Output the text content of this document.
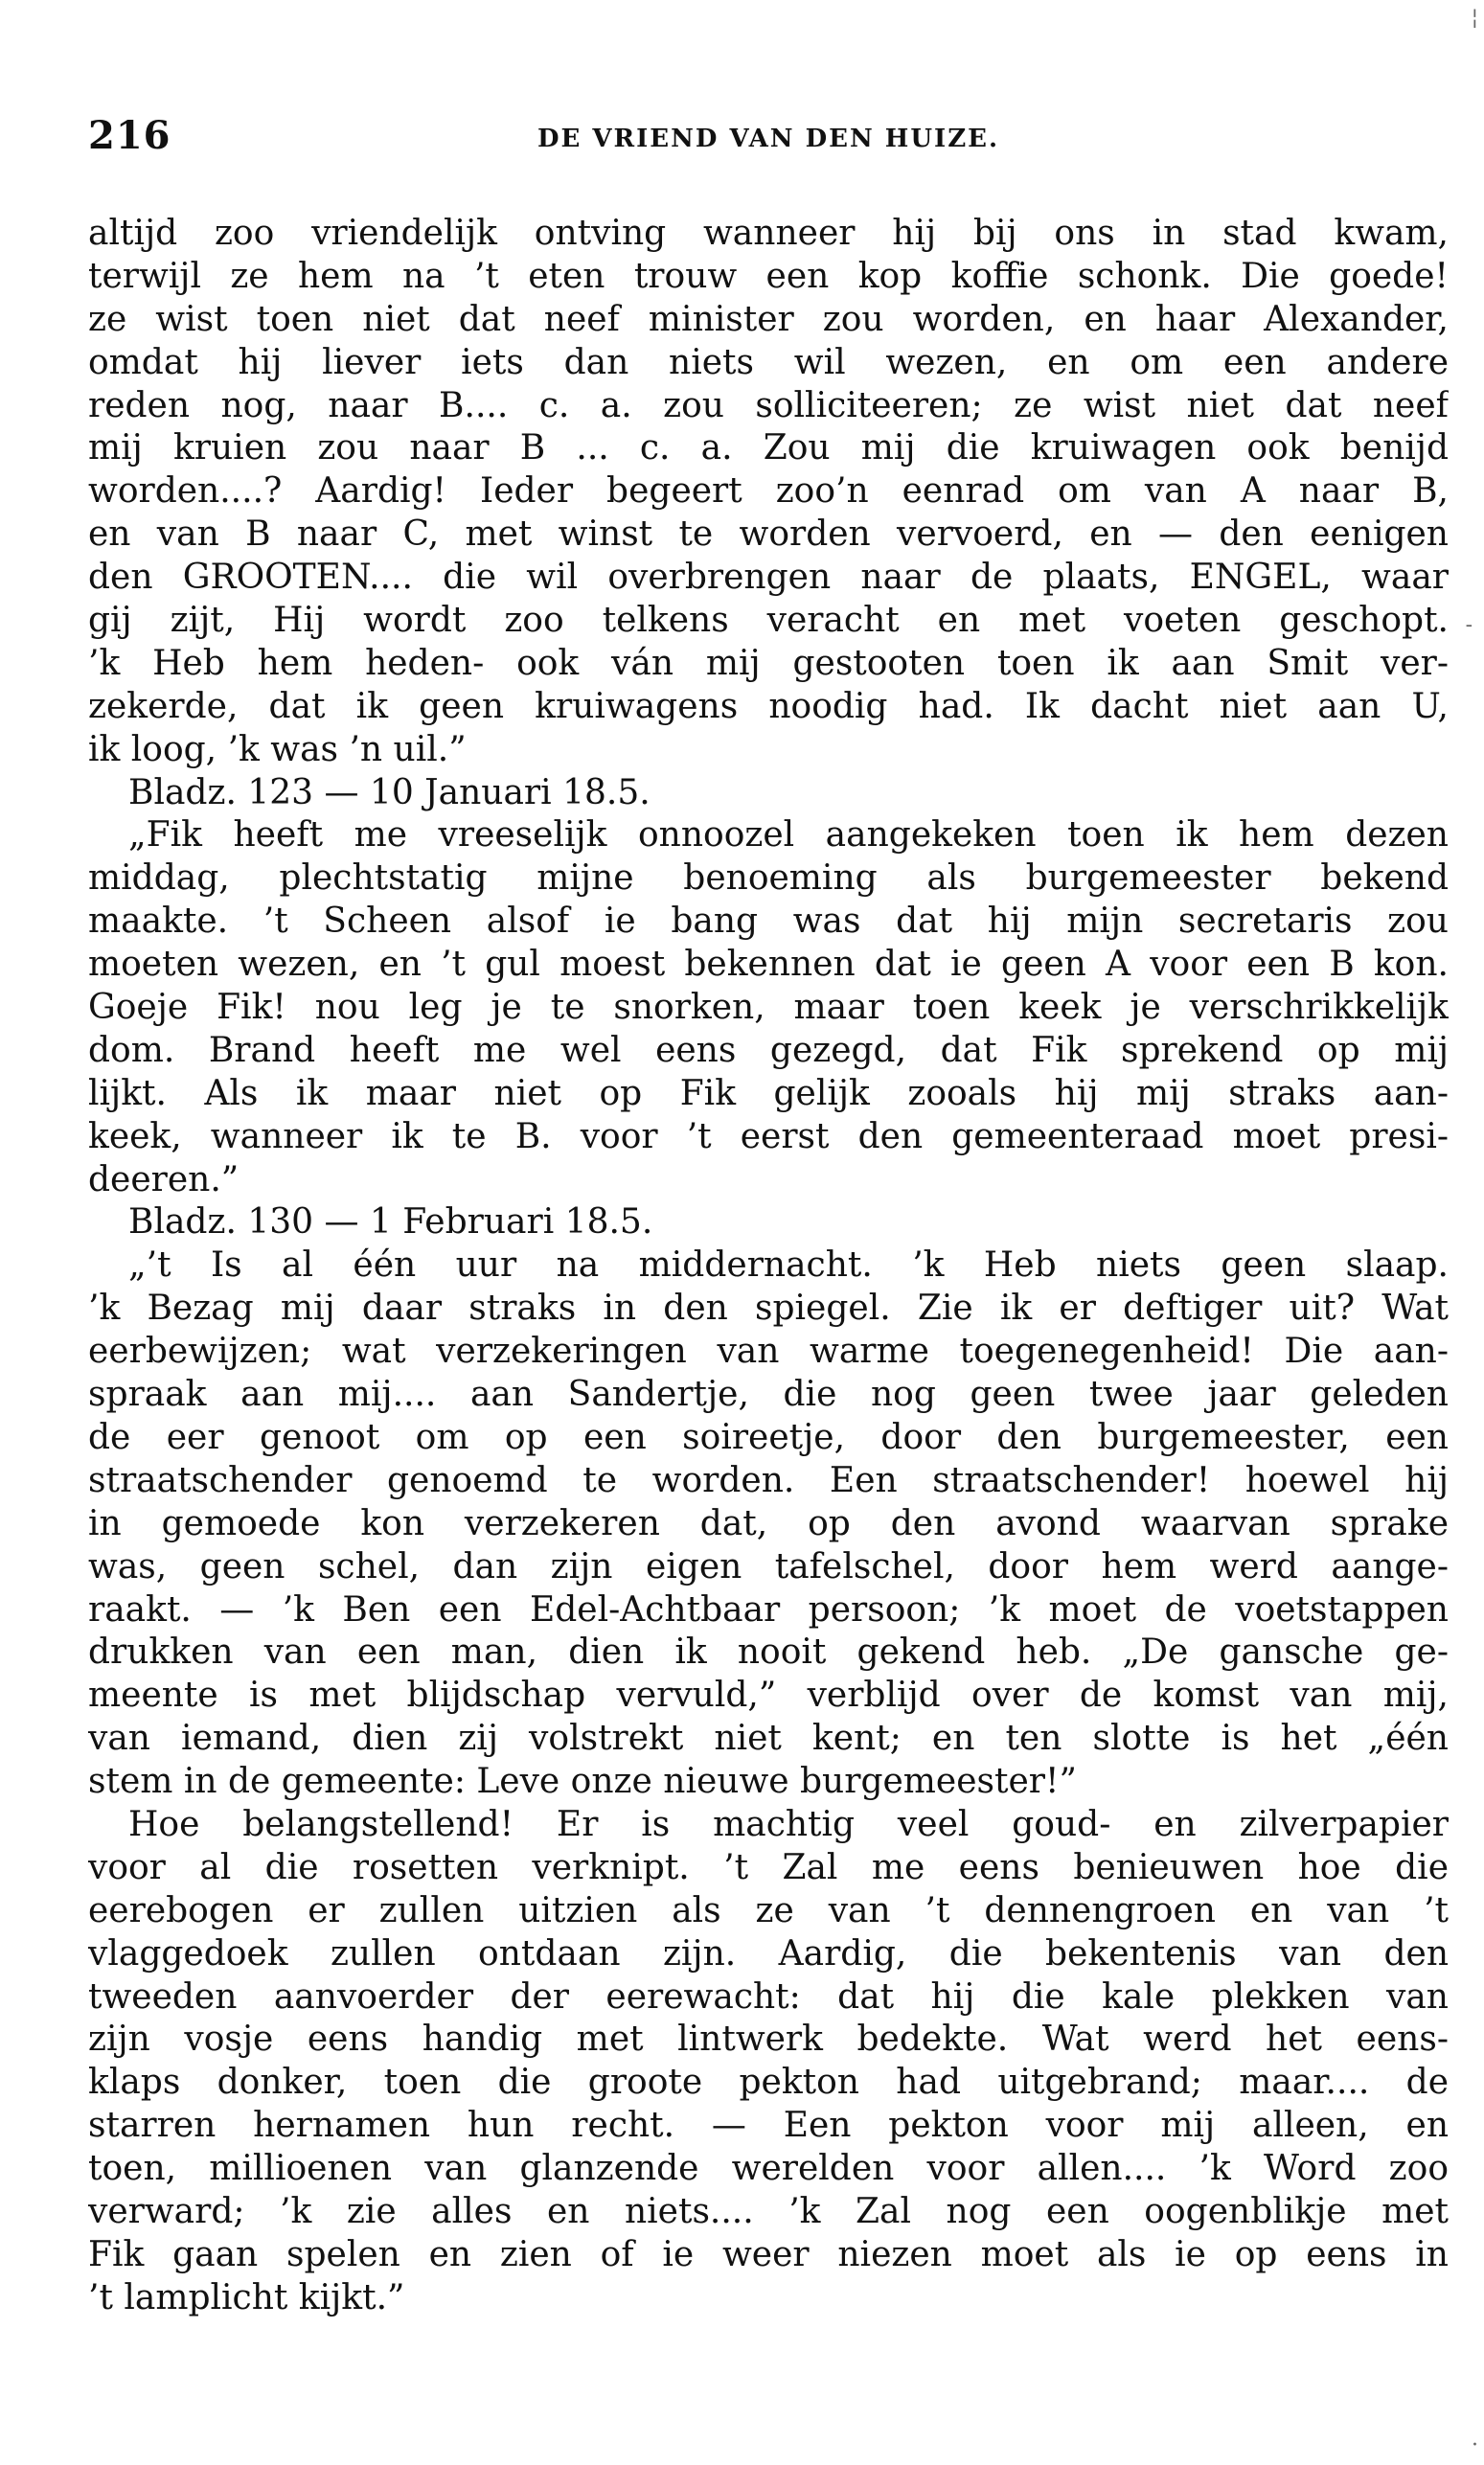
¦
-
·
216	DE VRIEND VAN DEN HUIZE.
altijd zoo vriendelijk ontving wanneer hij bij ons in stad kwam,
terwijl ze hem na ’t eten trouw een kop koffie schonk. Die goede!
ze wist toen niet dat neef minister zou worden, en haar Alexander,
omdat hij liever iets dan niets wil wezen, en om een andere
reden nog, naar B.... c. a. zou solliciteeren; ze wist niet dat neef
mij kruien zou naar B ... c. a. Zou mij die kruiwagen ook benijd
worden....? Aardig! Ieder begeert zoo’n eenrad om van A naar B,
en van B naar C, met winst te worden vervoerd, en — den eenigen
den GROOTEN.... die wil overbrengen naar de plaats, ENGEL, waar
gij zijt, Hij wordt zoo telkens veracht en met voeten geschopt.
’k Heb hem heden- ook ván mij gestooten toen ik aan Smit ver-
zekerde, dat ik geen kruiwagens noodig had. Ik dacht niet aan U,
ik loog, ’k was ’n uil.”
Bladz. 123 — 10 Januari 18.5.
„Fik heeft me vreeselijk onnoozel aangekeken toen ik hem dezen
middag, plechtstatig mijne benoeming als burgemeester bekend
maakte. ’t Scheen alsof ie bang was dat hij mijn secretaris zou
moeten wezen, en ’t gul moest bekennen dat ie geen A voor een B kon.
Goeje Fik! nou leg je te snorken, maar toen keek je verschrikkelijk
dom. Brand heeft me wel eens gezegd, dat Fik sprekend op mij
lijkt. Als ik maar niet op Fik gelijk zooals hij mij straks aan-
keek, wanneer ik te B. voor ’t eerst den gemeenteraad moet presi-
deeren.”
Bladz. 130 — 1 Februari 18.5.
„’t Is al één uur na middernacht. ’k Heb niets geen slaap.
’k Bezag mij daar straks in den spiegel. Zie ik er deftiger uit? Wat
eerbewijzen; wat verzekeringen van warme toegenegenheid! Die aan-
spraak aan mij.... aan Sandertje, die nog geen twee jaar geleden
de eer genoot om op een soireetje, door den burgemeester, een
straatschender genoemd te worden. Een straatschender! hoewel hij
in gemoede kon verzekeren dat, op den avond waarvan sprake
was, geen schel, dan zijn eigen tafelschel, door hem werd aange-
raakt. — ’k Ben een Edel-Achtbaar persoon; ’k moet de voetstappen
drukken van een man, dien ik nooit gekend heb. „De gansche ge-
meente is met blijdschap vervuld,” verblijd over de komst van mij,
van iemand, dien zij volstrekt niet kent; en ten slotte is het „één
stem in de gemeente: Leve onze nieuwe burgemeester!”
Hoe belangstellend! Er is machtig veel goud- en zilverpapier
voor al die rosetten verknipt. ’t Zal me eens benieuwen hoe die
eerebogen er zullen uitzien als ze van ’t dennengroen en van ’t
vlaggedoek zullen ontdaan zijn. Aardig, die bekentenis van den
tweeden aanvoerder der eerewacht: dat hij die kale plekken van
zijn vosje eens handig met lintwerk bedekte. Wat werd het eens-
klaps donker, toen die groote pekton had uitgebrand; maar.... de
starren hernamen hun recht. — Een pekton voor mij alleen, en
toen, millioenen van glanzende werelden voor allen.... ’k Word zoo
verward; ’k zie alles en niets.... ’k Zal nog een oogenblikje met
Fik gaan spelen en zien of ie weer niezen moet als ie op eens in
’t lamplicht kijkt.”
